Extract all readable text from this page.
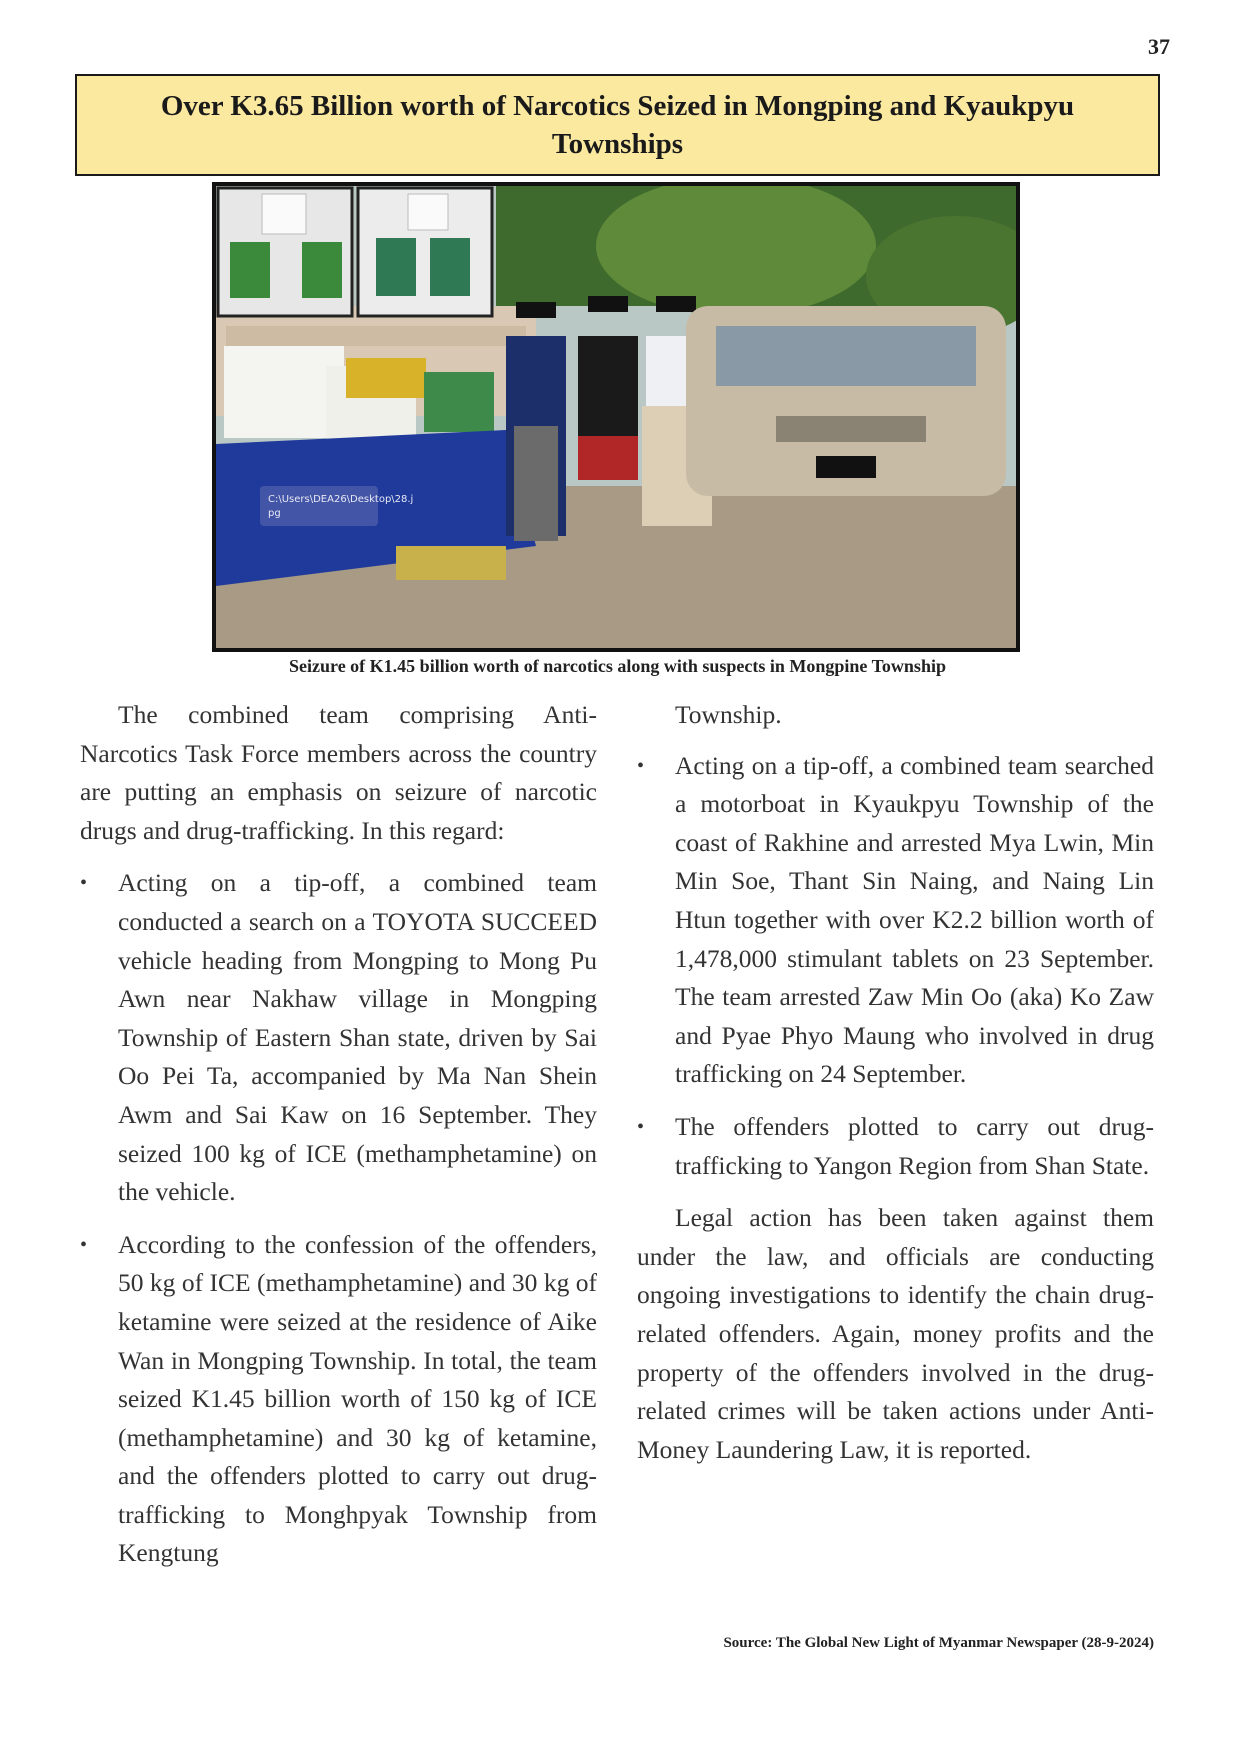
37
Over K3.65 Billion worth of Narcotics Seized in Mongping and Kyaukpyu Townships
C:\Users\DEA26\Desktop\28.j
pg
Seizure of K1.45 billion worth of narcotics along with suspects in Mongpine Township

The combined team comprising Anti-Narcotics Task Force members across the country are putting an emphasis on seizure of narcotic drugs and drug-trafficking. In this regard:

•	Acting on a tip-off, a combined team conducted a search on a TOYOTA SUCCEED vehicle heading from Mongping to Mong Pu Awn near Nakhaw village in Mongping Township of Eastern Shan state, driven by Sai Oo Pei Ta, accompanied by Ma Nan Shein Awm and Sai Kaw on 16 September. They seized 100 kg of ICE (methamphetamine) on the vehicle.
•	According to the confession of the offenders, 50 kg of ICE (methamphetamine) and 30 kg of ketamine were seized at the residence of Aike Wan in Mongping Township. In total, the team seized K1.45 billion worth of 150 kg of ICE (methamphetamine) and 30 kg of ketamine, and the offenders plotted to carry out drug-trafficking to Monghpyak Township from Kengtung

Township.

•	Acting on a tip-off, a combined team searched a motorboat in Kyaukpyu Township of the coast of Rakhine and arrested Mya Lwin, Min Min Soe, Thant Sin Naing, and Naing Lin Htun together with over K2.2 billion worth of 1,478,000 stimulant tablets on 23 September. The team arrested Zaw Min Oo (aka) Ko Zaw and Pyae Phyo Maung who involved in drug trafficking on 24 September.
•	The offenders plotted to carry out drug-trafficking to Yangon Region from Shan State.

Legal action has been taken against them under the law, and officials are conducting ongoing investigations to identify the chain drug-related offenders. Again, money profits and the property of the offenders involved in the drug-related crimes will be taken actions under Anti-Money Laundering Law, it is reported.

Source: The Global New Light of Myanmar Newspaper (28-9-2024)
